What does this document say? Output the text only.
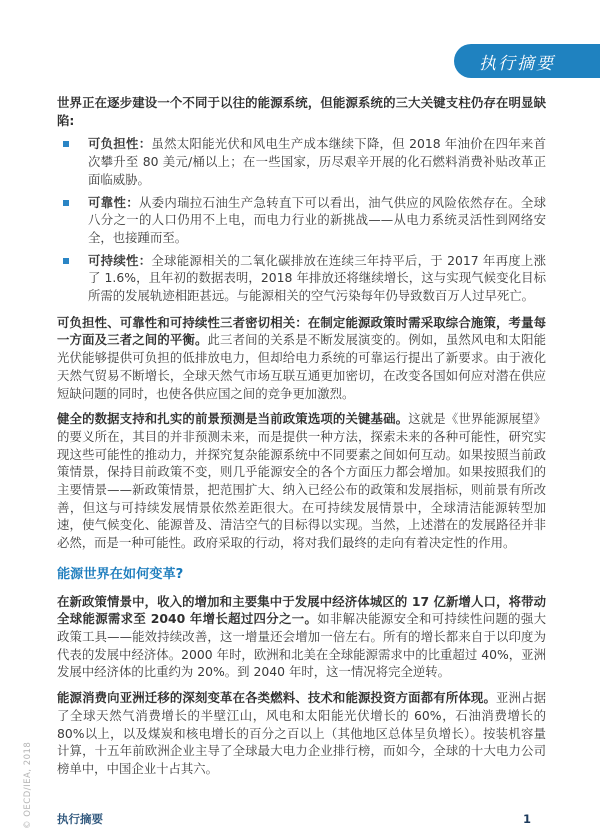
执行摘要
© OECD/IEA, 2018

世界正在逐步建设一个不同于以往的能源系统，但能源系统的三大关键支柱仍存在明显缺陷:

可负担性：虽然太阳能光伏和风电生产成本继续下降，但 2018 年油价在四年来首次攀升至 80 美元/桶以上；在一些国家，历尽艰辛开展的化石燃料消费补贴改革正面临威胁。
可靠性：从委内瑞拉石油生产急转直下可以看出，油气供应的风险依然存在。全球八分之一的人口仍用不上电，而电力行业的新挑战——从电力系统灵活性到网络安全，也接踵而至。
可持续性：全球能源相关的二氧化碳排放在连续三年持平后，于 2017 年再度上涨了 1.6%，且年初的数据表明，2018 年排放还将继续增长，这与实现气候变化目标所需的发展轨迹相距甚远。与能源相关的空气污染每年仍导致数百万人过早死亡。

可负担性、可靠性和可持续性三者密切相关：在制定能源政策时需采取综合施策，考量每一方面及三者之间的平衡。此三者间的关系是不断发展演变的。例如，虽然风电和太阳能光伏能够提供可负担的低排放电力，但却给电力系统的可靠运行提出了新要求。由于液化天然气贸易不断增长，全球天然气市场互联互通更加密切，在改变各国如何应对潜在供应短缺问题的同时，也使各供应国之间的竞争更加激烈。

健全的数据支持和扎实的前景预测是当前政策选项的关键基础。这就是《世界能源展望》的要义所在，其目的并非预测未来，而是提供一种方法，探索未来的各种可能性，研究实现这些可能性的推动力，并探究复杂能源系统中不同要素之间如何互动。如果按照当前政策情景，保持目前政策不变，则几乎能源安全的各个方面压力都会增加。如果按照我们的主要情景——新政策情景，把范围扩大、纳入已经公布的政策和发展指标，则前景有所改善，但这与可持续发展情景依然差距很大。在可持续发展情景中，全球清洁能源转型加速，使气候变化、能源普及、清洁空气的目标得以实现。当然，上述潜在的发展路径并非必然，而是一种可能性。政府采取的行动，将对我们最终的走向有着决定性的作用。

能源世界在如何变革?

在新政策情景中，收入的增加和主要集中于发展中经济体城区的 17 亿新增人口，将带动全球能源需求至 2040 年增长超过四分之一。如非解决能源安全和可持续性问题的强大政策工具——能效持续改善，这一增量还会增加一倍左右。所有的增长都来自于以印度为代表的发展中经济体。2000 年时，欧洲和北美在全球能源需求中的比重超过 40%，亚洲发展中经济体的比重约为 20%。到 2040 年时，这一情况将完全逆转。

能源消费向亚洲迁移的深刻变革在各类燃料、技术和能源投资方面都有所体现。亚洲占据了全球天然气消费增长的半壁江山，风电和太阳能光伏增长的 60%，石油消费增长的 80%以上，以及煤炭和核电增长的百分之百以上（其他地区总体呈负增长）。按装机容量计算，十五年前欧洲企业主导了全球最大电力企业排行榜，而如今，全球的十大电力公司榜单中，中国企业十占其六。

执行摘要	1
